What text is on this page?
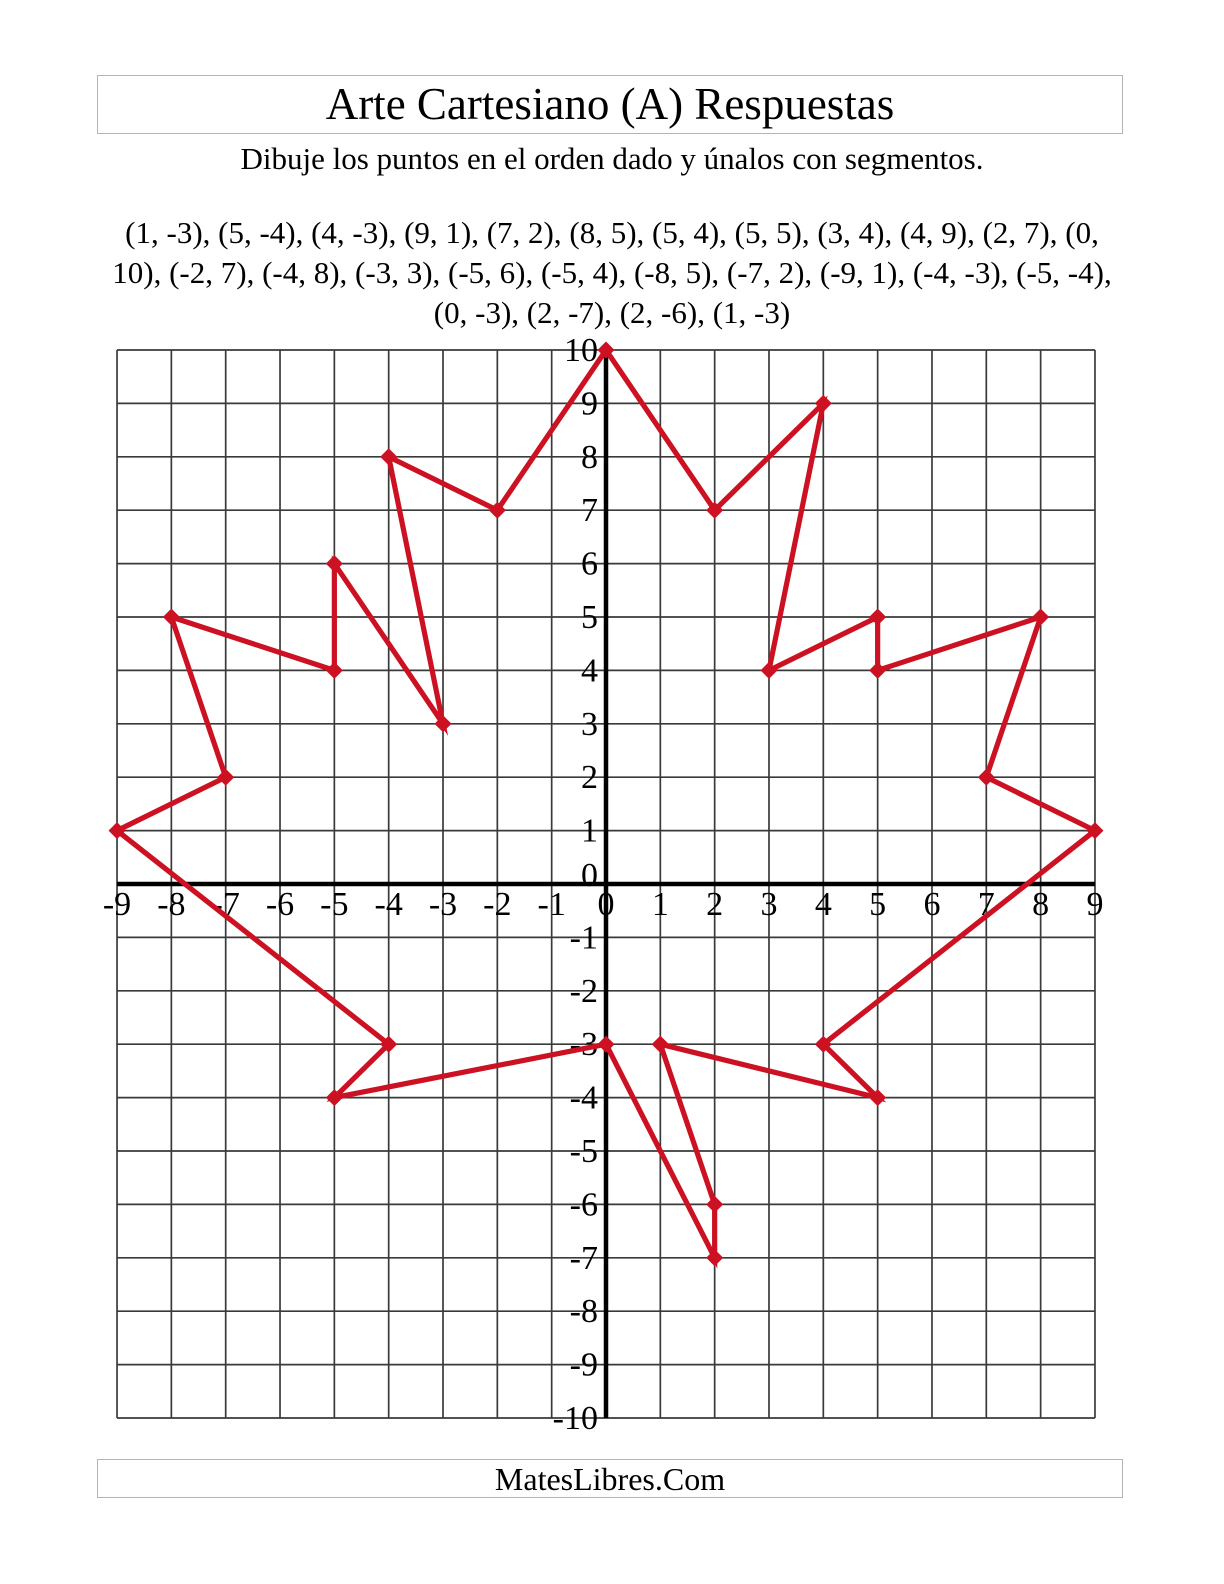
Arte Cartesiano (A) Respuestas
Dibuje los puntos en el orden dado y únalos con segmentos.
(1, -3), (5, -4), (4, -3), (9, 1), (7, 2), (8, 5), (5, 4), (5, 5), (3, 4), (4, 9), (2, 7), (0, 10), (-2, 7), (-4, 8), (-3, 3), (-5, 6), (-5, 4), (-8, 5), (-7, 2), (-9, 1), (-4, -3), (-5, -4), (0, -3), (2, -7), (2, -6), (1, -3)
-9 -8 -7 -6 -5 -4 -3 -2 -1 0 1 2 3 4 5 6 7 8 9
10
9
8
7
6
5
4
3
2
1
0
-1
-2
-3
-4
-5
-6
-7
-8
-9
-10
MatesLibres.Com
